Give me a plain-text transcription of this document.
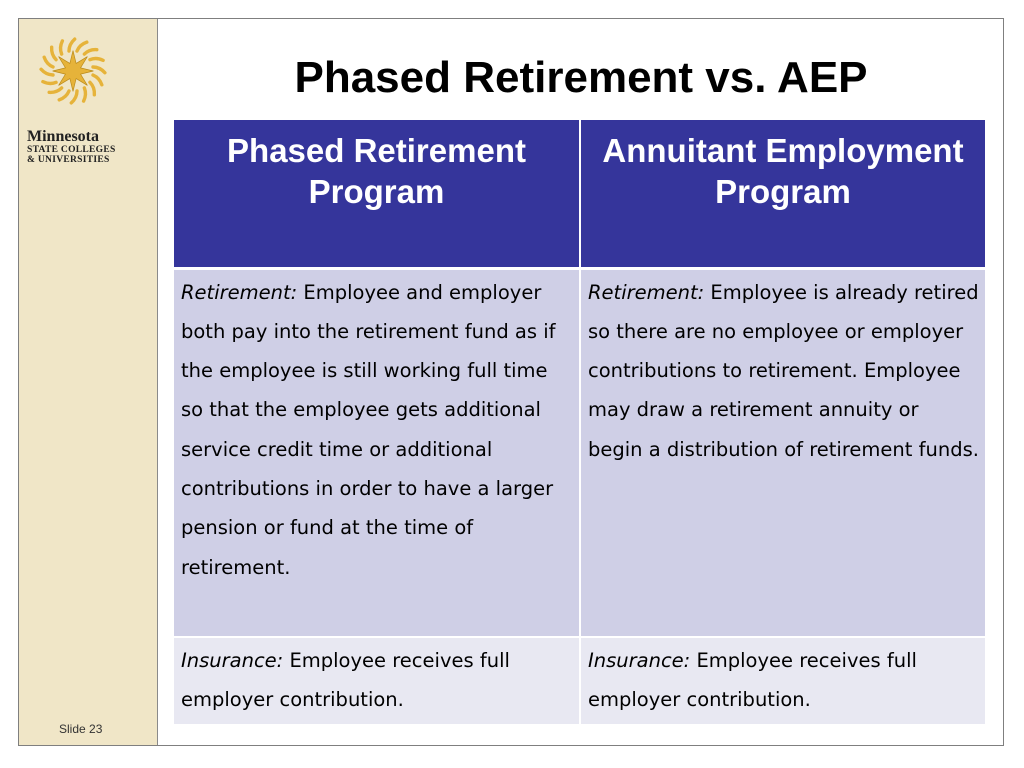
Minnesota
STATE COLLEGES
& UNIVERSITIES
Slide 23
Phased Retirement vs. AEP
Phased Retirement Program	Annuitant Employment Program
Retirement: Employee and employer both pay into the retirement fund as if the employee is still working full time so that the employee gets additional service credit time or additional contributions in order to have a larger pension or fund at the time of retirement.	Retirement: Employee is already retired so there are no employee or employer contributions to retirement. Employee may draw a retirement annuity or begin a distribution of retirement funds.
Insurance: Employee receives full employer contribution.	Insurance: Employee receives full employer contribution.
